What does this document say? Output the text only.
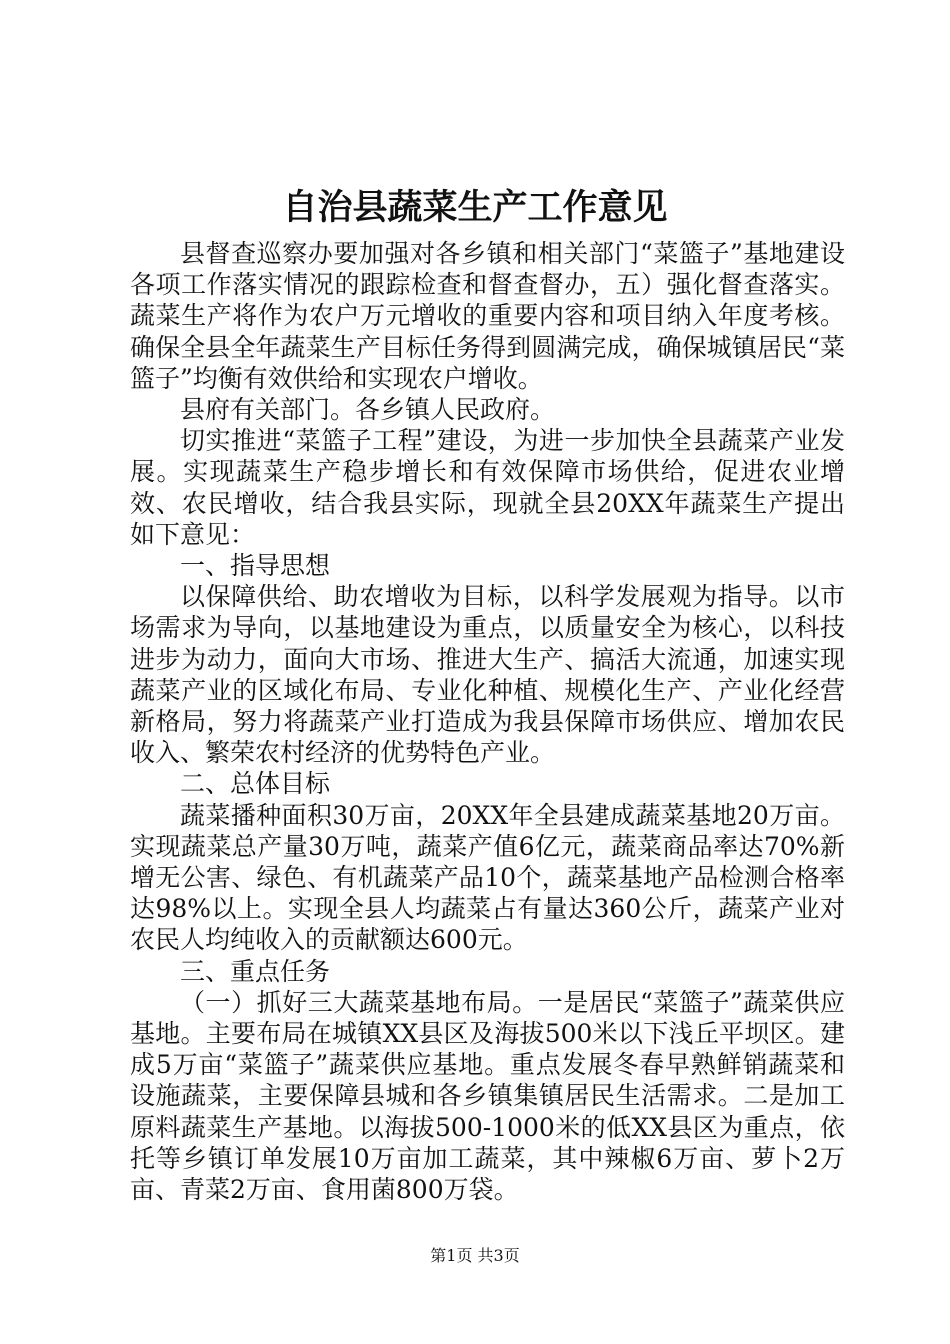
自治县蔬菜生产工作意见

县督查巡察办要加强对各乡镇和相关部门“菜篮子”基地建设各项工作落实情况的跟踪检查和督查督办，五）强化督查落实。蔬菜生产将作为农户万元增收的重要内容和项目纳入年度考核。确保全县全年蔬菜生产目标任务得到圆满完成，确保城镇居民“菜篮子”均衡有效供给和实现农户增收。

县府有关部门。各乡镇人民政府。

切实推进“菜篮子工程”建设，为进一步加快全县蔬菜产业发展。实现蔬菜生产稳步增长和有效保障市场供给，促进农业增效、农民增收，结合我县实际，现就全县20XX年蔬菜生产提出如下意见：

一、指导思想

以保障供给、助农增收为目标，以科学发展观为指导。以市场需求为导向，以基地建设为重点，以质量安全为核心，以科技进步为动力，面向大市场、推进大生产、搞活大流通，加速实现蔬菜产业的区域化布局、专业化种植、规模化生产、产业化经营新格局，努力将蔬菜产业打造成为我县保障市场供应、增加农民收入、繁荣农村经济的优势特色产业。

二、总体目标

蔬菜播种面积30万亩，20XX年全县建成蔬菜基地20万亩。实现蔬菜总产量30万吨，蔬菜产值6亿元，蔬菜商品率达70%新增无公害、绿色、有机蔬菜产品10个，蔬菜基地产品检测合格率达98%以上。实现全县人均蔬菜占有量达360公斤，蔬菜产业对农民人均纯收入的贡献额达600元。

三、重点任务

（一）抓好三大蔬菜基地布局。一是居民“菜篮子”蔬菜供应基地。主要布局在城镇XX县区及海拔500米以下浅丘平坝区。建成5万亩“菜篮子”蔬菜供应基地。重点发展冬春早熟鲜销蔬菜和设施蔬菜，主要保障县城和各乡镇集镇居民生活需求。二是加工原料蔬菜生产基地。以海拔500-1000米的低XX县区为重点，依托等乡镇订单发展10万亩加工蔬菜，其中辣椒6万亩、萝卜2万亩、青菜2万亩、食用菌800万袋。

第1页 共3页
